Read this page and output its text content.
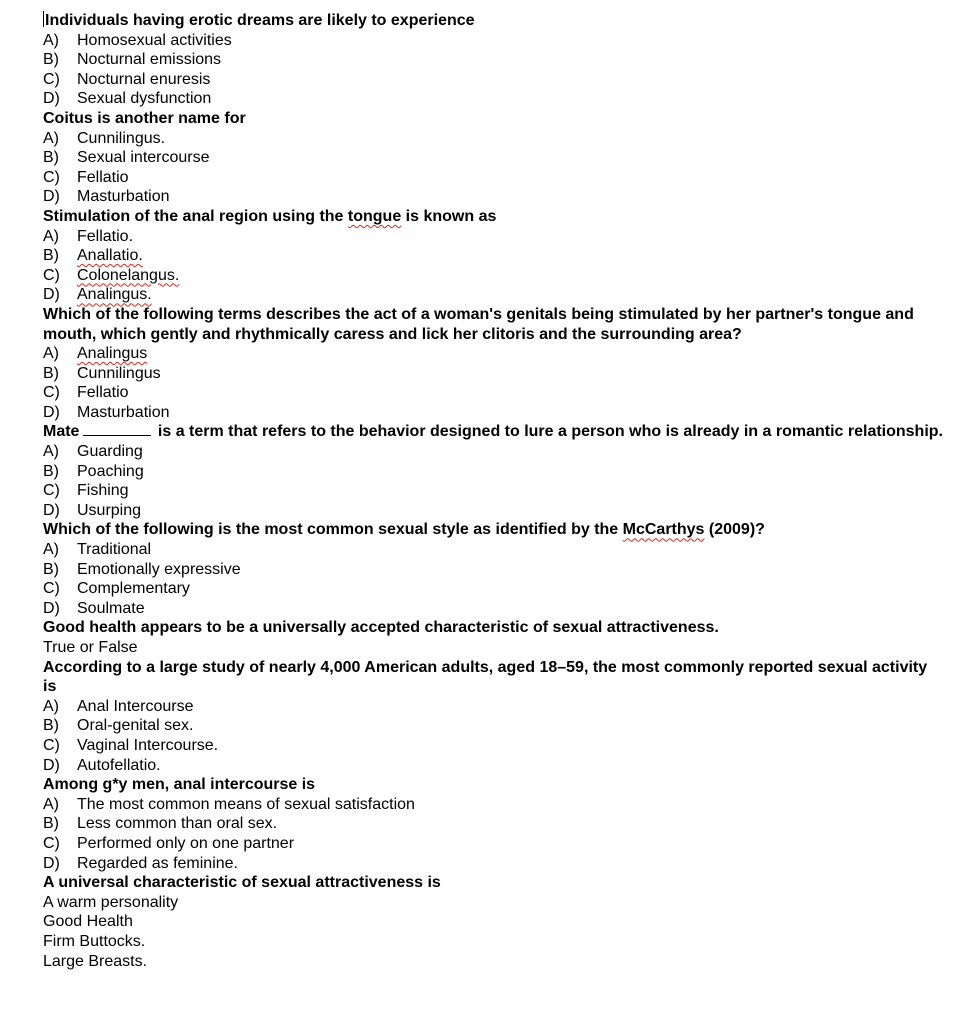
Individuals having erotic dreams are likely to experience

A) Homosexual activities

B) Nocturnal emissions

C) Nocturnal enuresis

D) Sexual dysfunction

Coitus is another name for

A) Cunnilingus.

B) Sexual intercourse

C) Fellatio

D) Masturbation

Stimulation of the anal region using the tongue is known as

A) Fellatio.

B) Anallatio.

C) Colonelangus.

D) Analingus.

Which of the following terms describes the act of a woman's genitals being stimulated by her partner's tongue and mouth, which gently and rhythmically caress and lick her clitoris and the surrounding area?

A) Analingus

B) Cunnilingus

C) Fellatio

D) Masturbation

Mate	is a term that refers to the behavior designed to lure a person who is already in a romantic relationship.

A) Guarding

B) Poaching

C) Fishing

D) Usurping

Which of the following is the most common sexual style as identified by the McCarthys (2009)?

A) Traditional

B) Emotionally expressive

C) Complementary

D) Soulmate

Good health appears to be a universally accepted characteristic of sexual attractiveness.

True or False

According to a large study of nearly 4,000 American adults, aged 18–59, the most commonly reported sexual activity is

A) Anal Intercourse

B) Oral-genital sex.

C) Vaginal Intercourse.

D) Autofellatio.

Among g*y men, anal intercourse is

A) The most common means of sexual satisfaction

B) Less common than oral sex.

C) Performed only on one partner

D) Regarded as feminine.

A universal characteristic of sexual attractiveness is

A warm personality

Good Health

Firm Buttocks.

Large Breasts.
